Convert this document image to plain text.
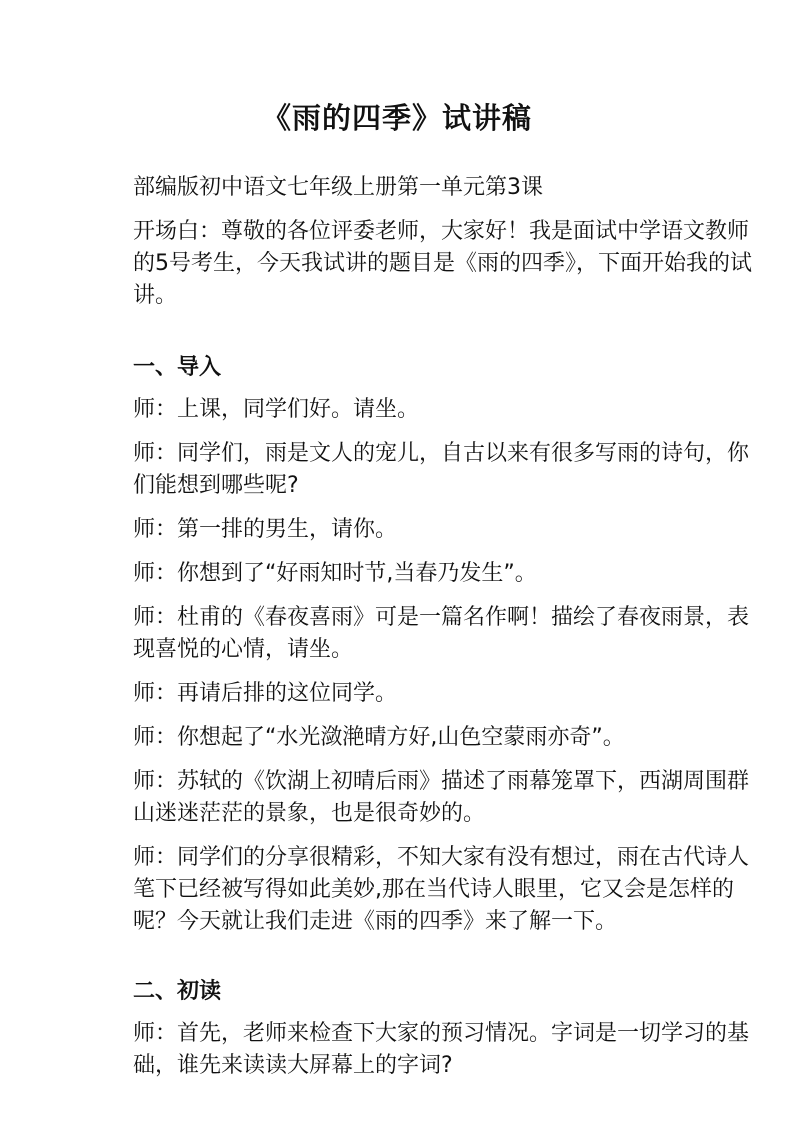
《雨的四季》试讲稿

部编版初中语文七年级上册第一单元第3课

开场白：尊敬的各位评委老师，大家好！我是面试中学语文教师的5号考生，今天我试讲的题目是《雨的四季》，下面开始我的试讲。

一、导入

师：上课，同学们好。请坐。

师：同学们，雨是文人的宠儿，自古以来有很多写雨的诗句，你们能想到哪些呢?

师：第一排的男生，请你。

师：你想到了“好雨知时节,当春乃发生”。

师：杜甫的《春夜喜雨》可是一篇名作啊！描绘了春夜雨景，表现喜悦的心情，请坐。

师：再请后排的这位同学。

师：你想起了“水光潋滟晴方好,山色空蒙雨亦奇”。

师：苏轼的《饮湖上初晴后雨》描述了雨幕笼罩下，西湖周围群山迷迷茫茫的景象，也是很奇妙的。

师：同学们的分享很精彩，不知大家有没有想过，雨在古代诗人笔下已经被写得如此美妙,那在当代诗人眼里，它又会是怎样的呢？今天就让我们走进《雨的四季》来了解一下。

二、初读

师：首先，老师来检查下大家的预习情况。字词是一切学习的基础，谁先来读读大屏幕上的字词?
